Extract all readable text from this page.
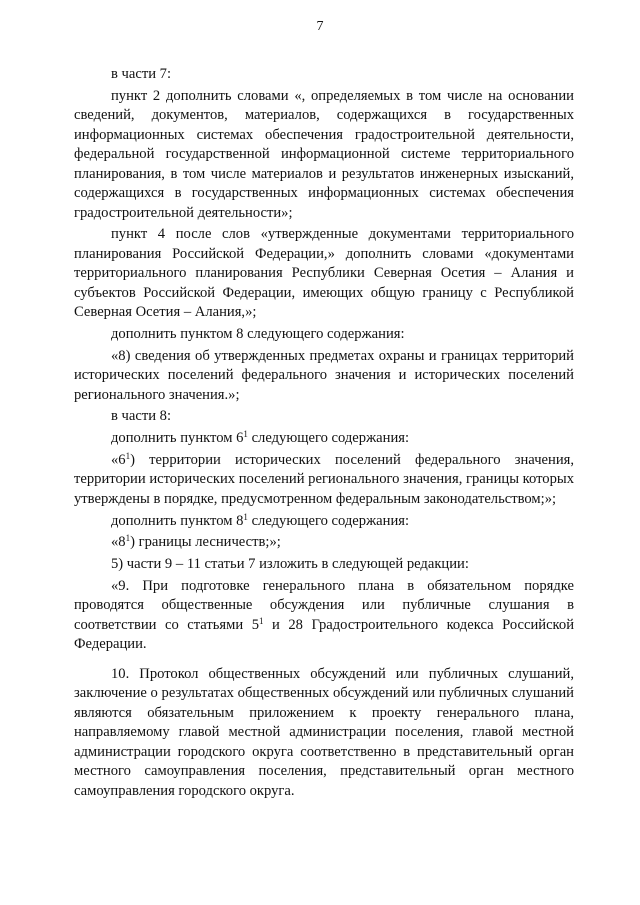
7

в части 7:

пункт 2 дополнить словами «, определяемых в том числе на основании сведений, документов, материалов, содержащихся в государственных информационных системах обеспечения градостроительной деятельности, федеральной государственной информационной системе территориального планирования, в том числе материалов и результатов инженерных изысканий, содержащихся в государственных информационных системах обеспечения градостроительной деятельности»;

пункт 4 после слов «утвержденные документами территориального планирования Российской Федерации,» дополнить словами «документами территориального планирования Республики Северная Осетия – Алания и субъектов Российской Федерации, имеющих общую границу с Республикой Северная Осетия – Алания,»;

дополнить пунктом 8 следующего содержания:

«8) сведения об утвержденных предметах охраны и границах территорий исторических поселений федерального значения и исторических поселений регионального значения.»;

в части 8:

дополнить пунктом $6^1$ следующего содержания:

«$6^1$) территории исторических поселений федерального значения, территории исторических поселений регионального значения, границы которых утверждены в порядке, предусмотренном федеральным законодательством;»;

дополнить пунктом $8^1$ следующего содержания:

«$8^1$) границы лесничеств;»;

5) части 9 – 11 статьи 7 изложить в следующей редакции:

«9. При подготовке генерального плана в обязательном порядке проводятся общественные обсуждения или публичные слушания в соответствии со статьями $5^1$ и 28 Градостроительного кодекса Российской Федерации.

10. Протокол общественных обсуждений или публичных слушаний, заключение о результатах общественных обсуждений или публичных слушаний являются обязательным приложением к проекту генерального плана, направляемому главой местной администрации поселения, главой местной администрации городского округа соответственно в представительный орган местного самоуправления поселения, представительный орган местного самоуправления городского округа.
